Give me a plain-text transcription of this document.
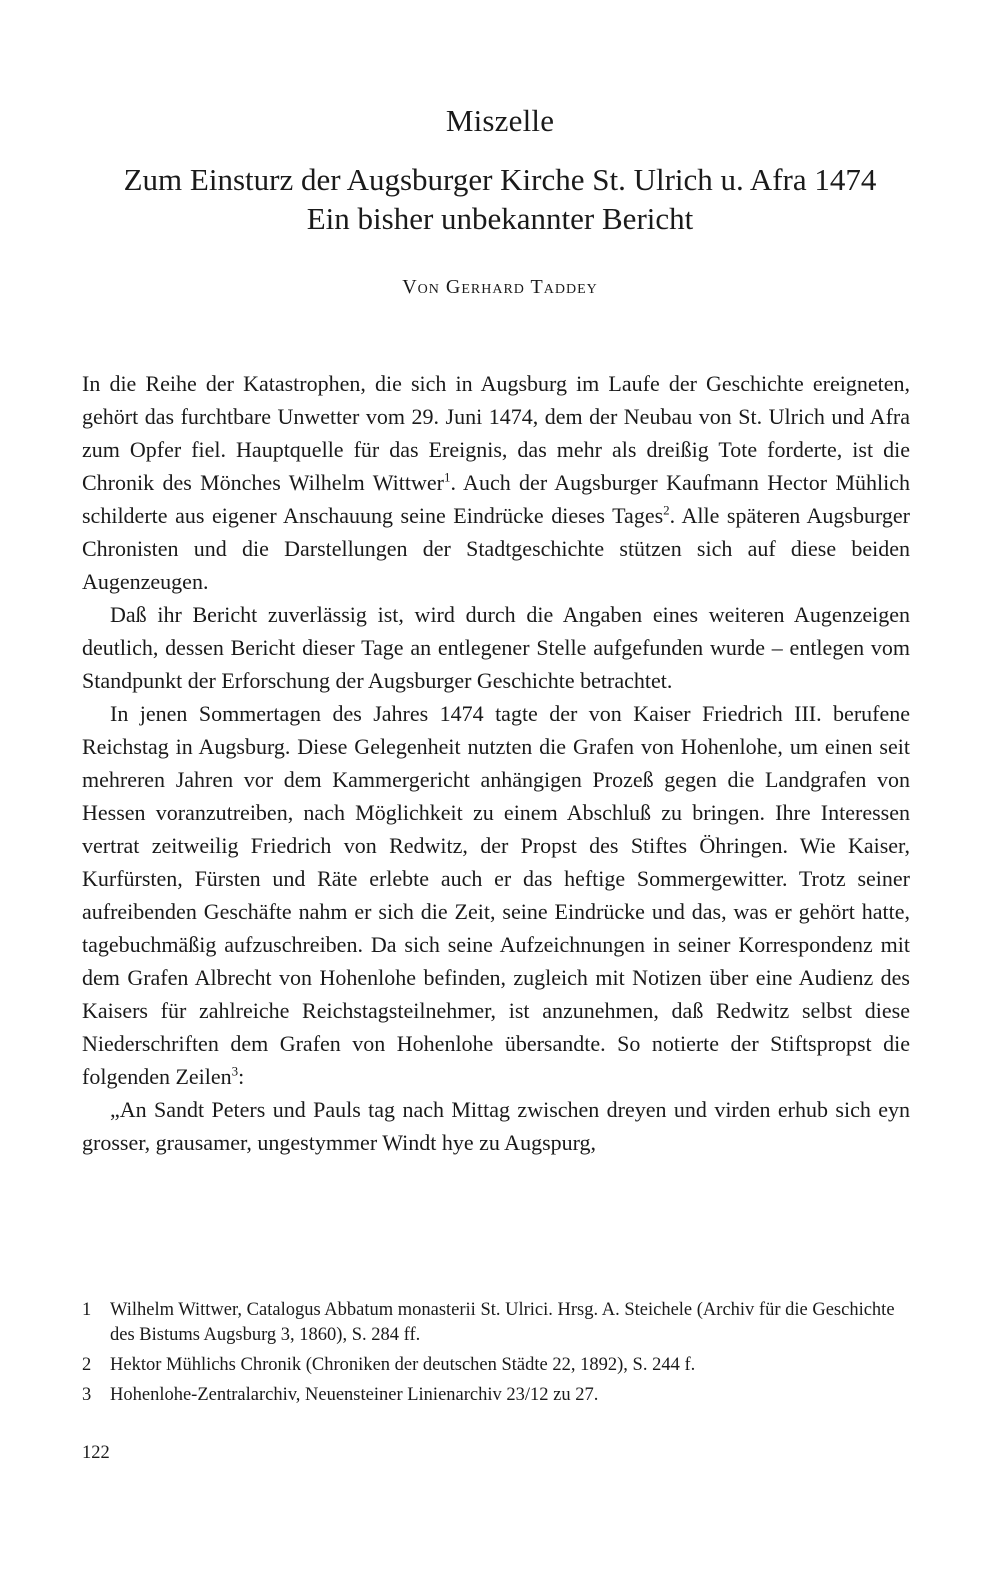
Miszelle
Zum Einsturz der Augsburger Kirche St. Ulrich u. Afra 1474
Ein bisher unbekannter Bericht
Von Gerhard Taddey

In die Reihe der Katastrophen, die sich in Augsburg im Laufe der Geschichte ereigneten, gehört das furchtbare Unwetter vom 29. Juni 1474, dem der Neubau von St. Ulrich und Afra zum Opfer fiel. Hauptquelle für das Ereignis, das mehr als dreißig Tote forderte, ist die Chronik des Mönches Wilhelm Wittwer$^1$. Auch der Augsburger Kaufmann Hector Mühlich schilderte aus eigener Anschauung seine Eindrücke dieses Tages$^2$. Alle späteren Augsburger Chronisten und die Darstellungen der Stadtgeschichte stützen sich auf diese beiden Augenzeugen.

Daß ihr Bericht zuverlässig ist, wird durch die Angaben eines weiteren Augenzeigen deutlich, dessen Bericht dieser Tage an entlegener Stelle aufgefunden wurde – entlegen vom Standpunkt der Erforschung der Augsburger Geschichte betrachtet.

In jenen Sommertagen des Jahres 1474 tagte der von Kaiser Friedrich III. berufene Reichstag in Augsburg. Diese Gelegenheit nutzten die Grafen von Hohenlohe, um einen seit mehreren Jahren vor dem Kammergericht anhängigen Prozeß gegen die Landgrafen von Hessen voranzutreiben, nach Möglichkeit zu einem Abschluß zu bringen. Ihre Interessen vertrat zeitweilig Friedrich von Redwitz, der Propst des Stiftes Öhringen. Wie Kaiser, Kurfürsten, Fürsten und Räte erlebte auch er das heftige Sommergewitter. Trotz seiner aufreibenden Geschäfte nahm er sich die Zeit, seine Eindrücke und das, was er gehört hatte, tagebuchmäßig aufzuschreiben. Da sich seine Aufzeichnungen in seiner Korrespondenz mit dem Grafen Albrecht von Hohenlohe befinden, zugleich mit Notizen über eine Audienz des Kaisers für zahlreiche Reichstagsteilnehmer, ist anzunehmen, daß Redwitz selbst diese Niederschriften dem Grafen von Hohenlohe übersandte. So notierte der Stiftspropst die folgenden Zeilen$^3$:

„An Sandt Peters und Pauls tag nach Mittag zwischen dreyen und virden erhub sich eyn grosser, grausamer, ungestymmer Windt hye zu Augspurg,

1 Wilhelm Wittwer, Catalogus Abbatum monasterii St. Ulrici. Hrsg. A. Steichele (Archiv für die Geschichte des Bistums Augsburg 3, 1860), S. 284 ff.
2 Hektor Mühlichs Chronik (Chroniken der deutschen Städte 22, 1892), S. 244 f.
3 Hohenlohe-Zentralarchiv, Neuensteiner Linienarchiv 23/12 zu 27.
122
